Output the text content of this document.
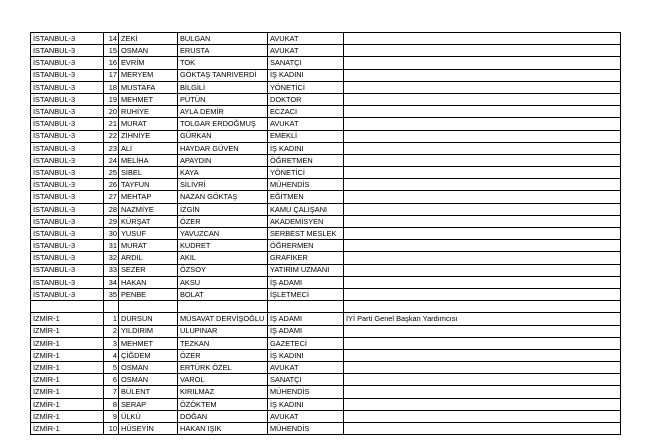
İSTANBUL-3	14	ZEKİ	BULGAN	AVUKAT	
İSTANBUL-3	15	OSMAN	ERUSTA	AVUKAT	
İSTANBUL-3	16	EVRİM	TOK	SANATÇI	
İSTANBUL-3	17	MERYEM	GÖKTAŞ TANRIVERDİ	İŞ KADINI	
İSTANBUL-3	18	MUSTAFA	BİLGİLİ	YÖNETİCİ	
İSTANBUL-3	19	MEHMET	PÜTÜN	DOKTOR	
İSTANBUL-3	20	RUHİYE	AYLA DEMİR	ECZACI	
İSTANBUL-3	21	MURAT	TOLGAR ERDOĞMUŞ	AVUKAT	
İSTANBUL-3	22	ZİHNİYE	GÜRKAN	EMEKLİ	
İSTANBUL-3	23	ALİ	HAYDAR GÜVEN	İŞ KADINI	
İSTANBUL-3	24	MELİHA	APAYDIN	ÖĞRETMEN	
İSTANBUL-3	25	SİBEL	KAYA	YÖNETİCİ	
İSTANBUL-3	26	TAYFUN	SİLİVRİ	MÜHENDİS	
İSTANBUL-3	27	MEHTAP	NAZAN GÖKTAŞ	EĞİTMEN	
İSTANBUL-3	28	NAZMİYE	İZGİN	KAMU ÇALIŞANI	
İSTANBUL-3	29	KÜRŞAT	ÖZER	AKADEMİSYEN	
İSTANBUL-3	30	YUSUF	YAVUZCAN	SERBEST MESLEK	
İSTANBUL-3	31	MURAT	KUDRET	ÖĞRERMEN	
İSTANBUL-3	32	ARDIL	AKIL	GRAFİKER	
İSTANBUL-3	33	SEZER	ÖZSOY	YATIRIM UZMANI	
İSTANBUL-3	34	HAKAN	AKSU	İŞ ADAMI	
İSTANBUL-3	35	PENBE	BOLAT	İŞLETMECİ	

İZMİR-1	1	DURSUN	MÜSAVAT DERVİŞOĞLU	İŞ ADAMI	İYİ Parti Genel Başkan Yardımcısı
İZMİR-1	2	YILDIRIM	ULUPINAR	İŞ ADAMI	
İZMİR-1	3	MEHMET	TEZKAN	GAZETECİ	
İZMİR-1	4	ÇİĞDEM	ÖZER	İŞ KADINI	
İZMİR-1	5	OSMAN	ERTÜRK ÖZEL	AVUKAT	
İZMİR-1	6	OSMAN	VAROL	SANATÇI	
İZMİR-1	7	BÜLENT	KIRILMAZ	MÜHENDİS	
İZMİR-1	8	SERAP	ÖZÖKTEM	İŞ KADINI	
İZMİR-1	9	ÜLKÜ	DOĞAN	AVUKAT	
İZMİR-1	10	HÜSEYİN	HAKAN IŞIK	MÜHENDİS	
